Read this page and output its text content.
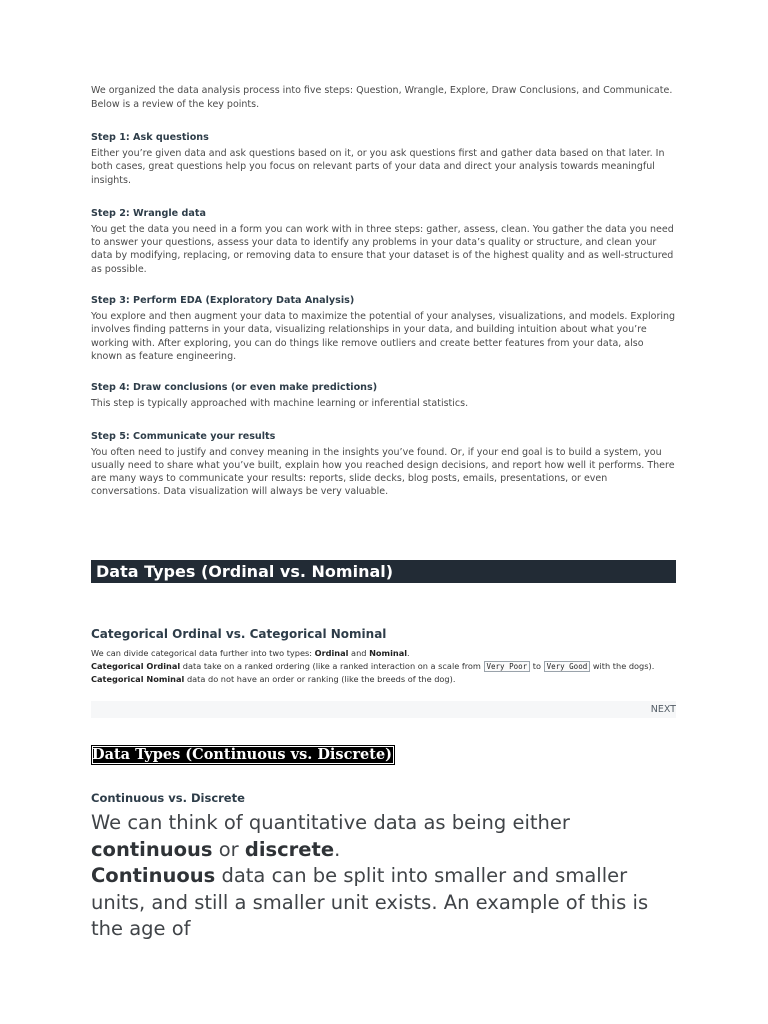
We organized the data analysis process into five steps: Question, Wrangle, Explore, Draw Conclusions, and Communicate. Below is a review of the key points.

Step 1: Ask questions

Either you’re given data and ask questions based on it, or you ask questions first and gather data based on that later. In both cases, great questions help you focus on relevant parts of your data and direct your analysis towards meaningful insights.

Step 2: Wrangle data

You get the data you need in a form you can work with in three steps: gather, assess, clean. You gather the data you need to answer your questions, assess your data to identify any problems in your data’s quality or structure, and clean your data by modifying, replacing, or removing data to ensure that your dataset is of the highest quality and as well-structured as possible.

Step 3: Perform EDA (Exploratory Data Analysis)

You explore and then augment your data to maximize the potential of your analyses, visualizations, and models. Exploring involves finding patterns in your data, visualizing relationships in your data, and building intuition about what you’re working with. After exploring, you can do things like remove outliers and create better features from your data, also known as feature engineering.

Step 4: Draw conclusions (or even make predictions)

This step is typically approached with machine learning or inferential statistics.

Step 5: Communicate your results

You often need to justify and convey meaning in the insights you’ve found. Or, if your end goal is to build a system, you usually need to share what you’ve built, explain how you reached design decisions, and report how well it performs. There are many ways to communicate your results: reports, slide decks, blog posts, emails, presentations, or even conversations. Data visualization will always be very valuable.

Data Types (Ordinal vs. Nominal)
Categorical Ordinal vs. Categorical Nominal
We can divide categorical data further into two types: Ordinal and Nominal.
Categorical Ordinal data take on a ranked ordering (like a ranked interaction on a scale from Very Poor to Very Good with the dogs).
Categorical Nominal data do not have an order or ranking (like the breeds of the dog).
NEXT
Data Types (Continuous vs. Discrete)
Continuous vs. Discrete
We can think of quantitative data as being either continuous or discrete.
Continuous data can be split into smaller and smaller units, and still a smaller unit exists. An example of this is the age of
